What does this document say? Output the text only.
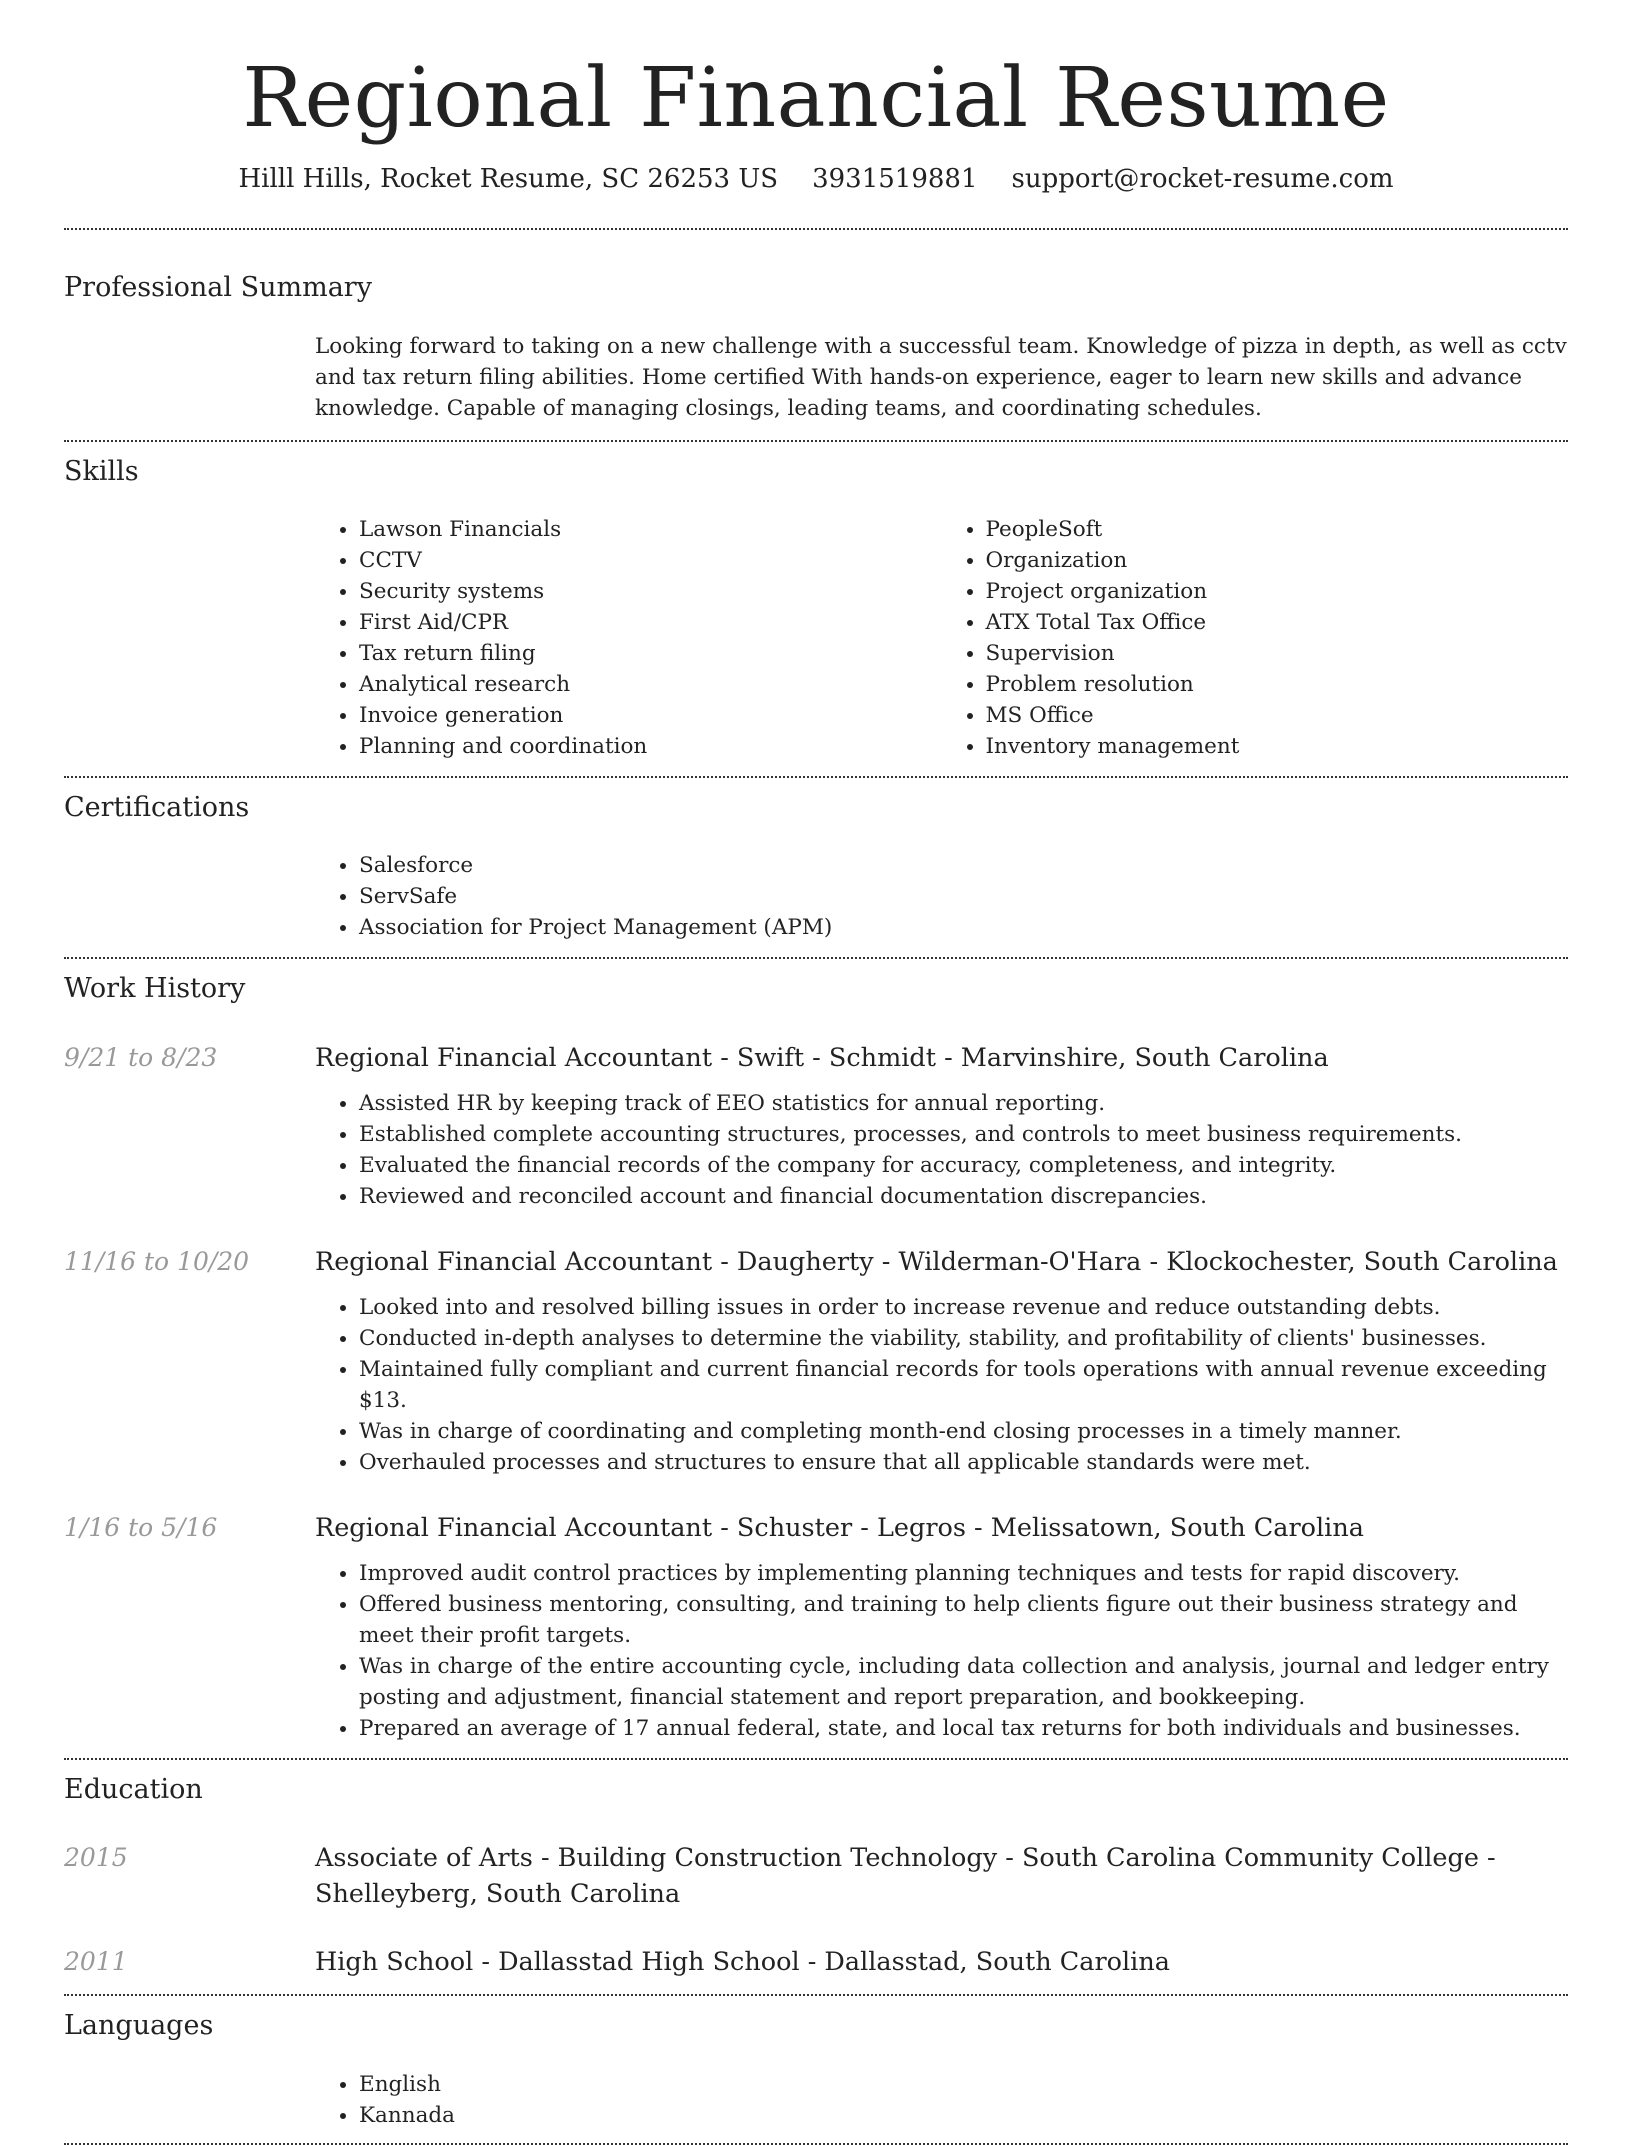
Regional Financial Resume
Hilll Hills, Rocket Resume, SC 26253 US 3931519881 support@rocket-resume.com
Professional Summary

Looking forward to taking on a new challenge with a successful team. Knowledge of pizza in depth, as well as cctv and tax return filing abilities. Home certified With hands-on experience, eager to learn new skills and advance knowledge. Capable of managing closings, leading teams, and coordinating schedules.

Skills
• Lawson Financials
• CCTV
• Security systems
• First Aid/CPR
• Tax return filing
• Analytical research
• Invoice generation
• Planning and coordination
• PeopleSoft
• Organization
• Project organization
• ATX Total Tax Office
• Supervision
• Problem resolution
• MS Office
• Inventory management
Certifications
• Salesforce
• ServSafe
• Association for Project Management (APM)
Work History
9/21 to 8/23	Regional Financial Accountant - Swift - Schmidt - Marvinshire, South Carolina

• Assisted HR by keeping track of EEO statistics for annual reporting.
• Established complete accounting structures, processes, and controls to meet business requirements.
• Evaluated the financial records of the company for accuracy, completeness, and integrity.
• Reviewed and reconciled account and financial documentation discrepancies.
11/16 to 10/20	Regional Financial Accountant - Daugherty - Wilderman-O'Hara - Klockochester, South Carolina

• Looked into and resolved billing issues in order to increase revenue and reduce outstanding debts.
• Conducted in-depth analyses to determine the viability, stability, and profitability of clients' businesses.
• Maintained fully compliant and current financial records for tools operations with annual revenue exceeding $13.
• Was in charge of coordinating and completing month-end closing processes in a timely manner.
• Overhauled processes and structures to ensure that all applicable standards were met.
1/16 to 5/16	Regional Financial Accountant - Schuster - Legros - Melissatown, South Carolina

• Improved audit control practices by implementing planning techniques and tests for rapid discovery.
• Offered business mentoring, consulting, and training to help clients figure out their business strategy and meet their profit targets.
• Was in charge of the entire accounting cycle, including data collection and analysis, journal and ledger entry posting and adjustment, financial statement and report preparation, and bookkeeping.
• Prepared an average of 17 annual federal, state, and local tax returns for both individuals and businesses.
Education
2015	Associate of Arts - Building Construction Technology - South Carolina Community College - Shelleyberg, South Carolina

2011	High School - Dallasstad High School - Dallasstad, South Carolina

Languages
• English
• Kannada
